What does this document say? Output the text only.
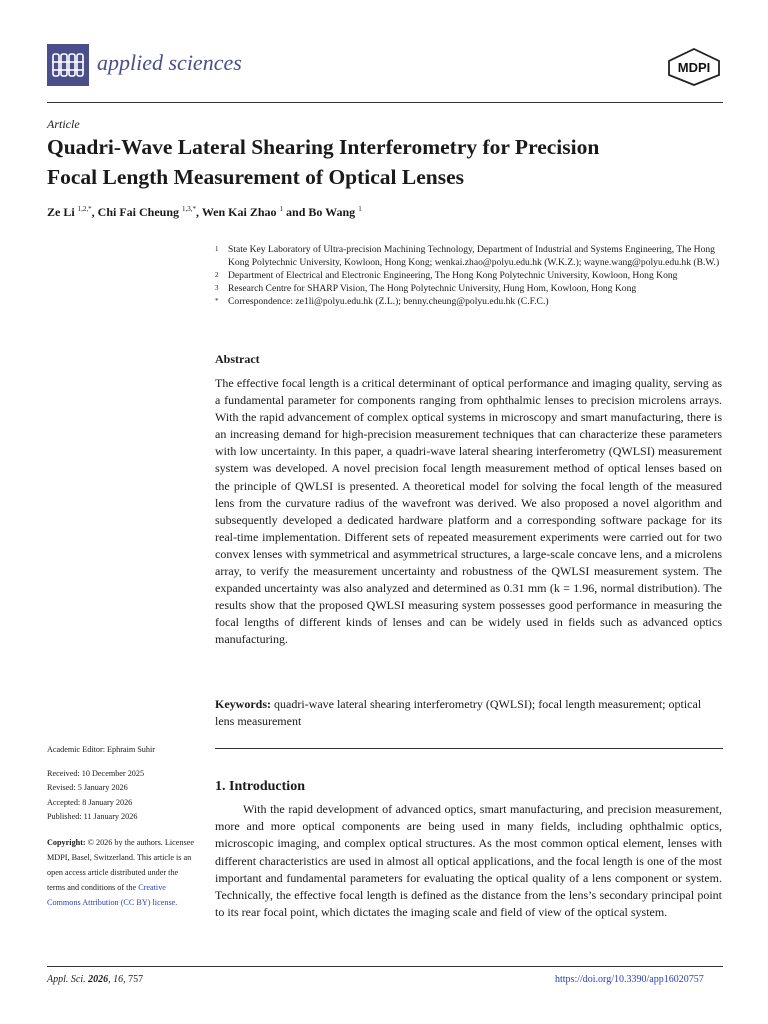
applied sciences	MDPI
Article
Quadri-Wave Lateral Shearing Interferometry for Precision
Focal Length Measurement of Optical Lenses
Ze Li $^{1,2,*}$, Chi Fai Cheung $^{1,3,*}$, Wen Kai Zhao $^1$ and Bo Wang $^1$
1 State Key Laboratory of Ultra-precision Machining Technology, Department of Industrial and Systems Engineering, The Hong Kong Polytechnic University, Kowloon, Hong Kong; wenkai.zhao@polyu.edu.hk (W.K.Z.); wayne.wang@polyu.edu.hk (B.W.)
2 Department of Electrical and Electronic Engineering, The Hong Kong Polytechnic University, Kowloon, Hong Kong
3 Research Centre for SHARP Vision, The Hong Polytechnic University, Hung Hom, Kowloon, Hong Kong
* Correspondence: ze1li@polyu.edu.hk (Z.L.); benny.cheung@polyu.edu.hk (C.F.C.)
Abstract
The effective focal length is a critical determinant of optical performance and imaging quality, serving as a fundamental parameter for components ranging from ophthalmic lenses to precision microlens arrays. With the rapid advancement of complex optical systems in microscopy and smart manufacturing, there is an increasing demand for high-precision measurement techniques that can characterize these parameters with low uncertainty. In this paper, a quadri-wave lateral shearing interferometry (QWLSI) measurement system was developed. A novel precision focal length measurement method of optical lenses based on the principle of QWLSI is presented. A theoretical model for solving the focal length of the measured lens from the curvature radius of the wavefront was derived. We also proposed a novel algorithm and subsequently developed a dedicated hardware platform and a corresponding software package for its real-time implementation. Different sets of repeated measurement experiments were carried out for two convex lenses with symmetrical and asymmetrical structures, a large-scale concave lens, and a microlens array, to verify the measurement uncertainty and robustness of the QWLSI measurement system. The expanded uncertainty was also analyzed and determined as 0.31 mm (k = 1.96, normal distribution). The results show that the proposed QWLSI measuring system possesses good performance in measuring the focal lengths of different kinds of lenses and can be widely used in fields such as advanced optics manufacturing.
Keywords: quadri-wave lateral shearing interferometry (QWLSI); focal length measurement; optical lens measurement
Academic Editor: Ephraim Suhir
Received: 10 December 2025
Revised: 5 January 2026
Accepted: 8 January 2026
Published: 11 January 2026
Copyright: © 2026 by the authors. Licensee MDPI, Basel, Switzerland. This article is an open access article distributed under the terms and conditions of the Creative Commons Attribution (CC BY) license.
1. Introduction
With the rapid development of advanced optics, smart manufacturing, and precision measurement, more and more optical components are being used in many fields, including ophthalmic optics, microscopic imaging, and complex optical structures. As the most common optical element, lenses with different characteristics are used in almost all optical applications, and the focal length is one of the most important and fundamental parameters for evaluating the optical quality of a lens component or system. Technically, the effective focal length is defined as the distance from the lens’s secondary principal point to its rear focal point, which dictates the imaging scale and field of view of the optical system.
Appl. Sci. 2026, 16, 757	https://doi.org/10.3390/app16020757
